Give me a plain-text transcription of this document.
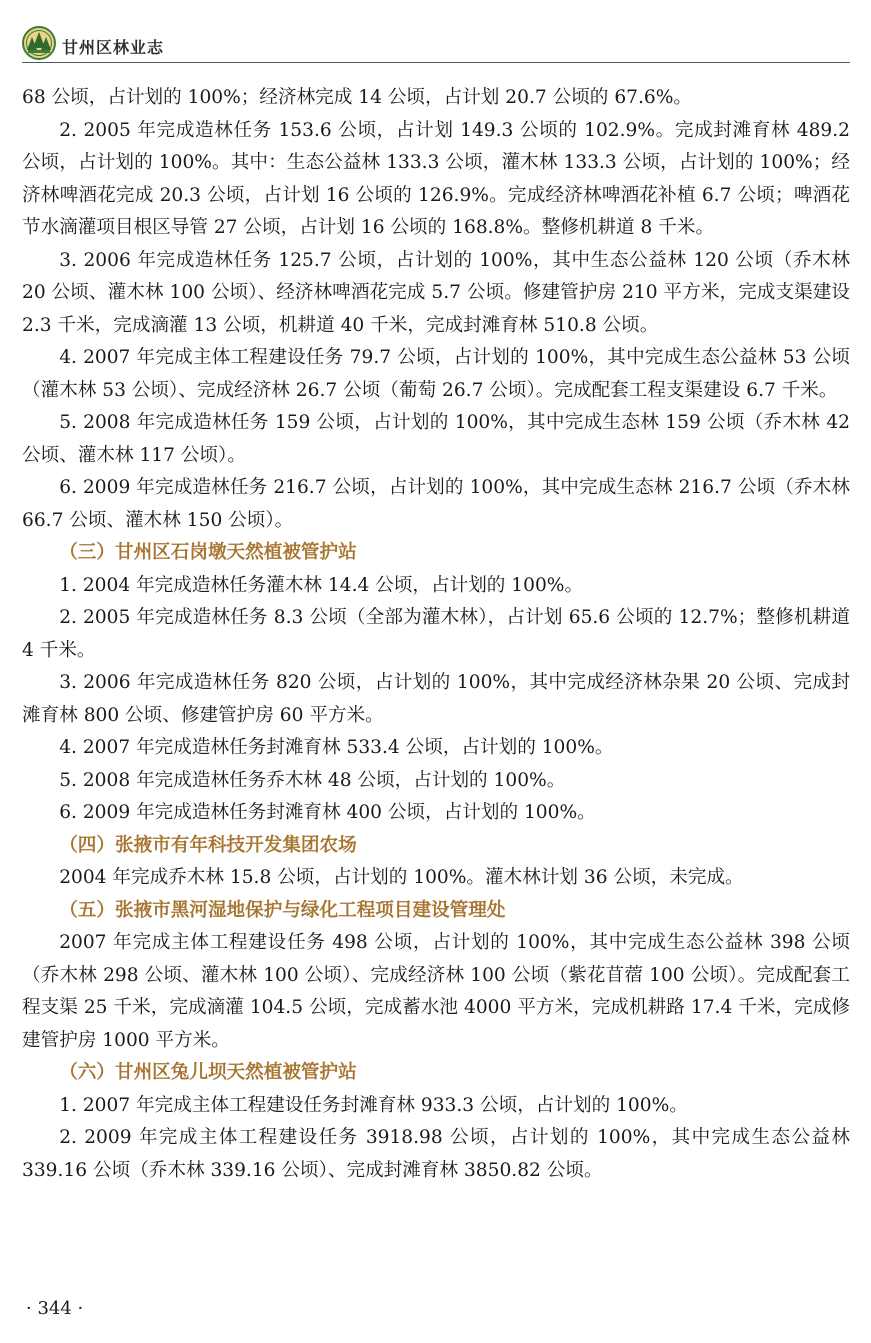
甘州区林业志

68 公顷，占计划的 100%；经济林完成 14 公顷，占计划 20.7 公顷的 67.6%。

2. 2005 年完成造林任务 153.6 公顷，占计划 149.3 公顷的 102.9%。完成封滩育林 489.2 公顷，占计划的 100%。其中：生态公益林 133.3 公顷，灌木林 133.3 公顷，占计划的 100%；经济林啤酒花完成 20.3 公顷，占计划 16 公顷的 126.9%。完成经济林啤酒花补植 6.7 公顷；啤酒花节水滴灌项目根区导管 27 公顷，占计划 16 公顷的 168.8%。整修机耕道 8 千米。

3. 2006 年完成造林任务 125.7 公顷，占计划的 100%，其中生态公益林 120 公顷（乔木林 20 公顷、灌木林 100 公顷）、经济林啤酒花完成 5.7 公顷。修建管护房 210 平方米，完成支渠建设 2.3 千米，完成滴灌 13 公顷，机耕道 40 千米，完成封滩育林 510.8 公顷。

4. 2007 年完成主体工程建设任务 79.7 公顷，占计划的 100%，其中完成生态公益林 53 公顷（灌木林 53 公顷）、完成经济林 26.7 公顷（葡萄 26.7 公顷）。完成配套工程支渠建设 6.7 千米。

5. 2008 年完成造林任务 159 公顷，占计划的 100%，其中完成生态林 159 公顷（乔木林 42 公顷、灌木林 117 公顷）。

6. 2009 年完成造林任务 216.7 公顷，占计划的 100%，其中完成生态林 216.7 公顷（乔木林 66.7 公顷、灌木林 150 公顷）。

（三）甘州区石岗墩天然植被管护站

1. 2004 年完成造林任务灌木林 14.4 公顷，占计划的 100%。

2. 2005 年完成造林任务 8.3 公顷（全部为灌木林），占计划 65.6 公顷的 12.7%；整修机耕道 4 千米。

3. 2006 年完成造林任务 820 公顷，占计划的 100%，其中完成经济林杂果 20 公顷、完成封滩育林 800 公顷、修建管护房 60 平方米。

4. 2007 年完成造林任务封滩育林 533.4 公顷，占计划的 100%。

5. 2008 年完成造林任务乔木林 48 公顷，占计划的 100%。

6. 2009 年完成造林任务封滩育林 400 公顷，占计划的 100%。

（四）张掖市有年科技开发集团农场

2004 年完成乔木林 15.8 公顷，占计划的 100%。灌木林计划 36 公顷，未完成。

（五）张掖市黑河湿地保护与绿化工程项目建设管理处

2007 年完成主体工程建设任务 498 公顷，占计划的 100%，其中完成生态公益林 398 公顷（乔木林 298 公顷、灌木林 100 公顷）、完成经济林 100 公顷（紫花苜蓿 100 公顷）。完成配套工程支渠 25 千米，完成滴灌 104.5 公顷，完成蓄水池 4000 平方米，完成机耕路 17.4 千米，完成修建管护房 1000 平方米。

（六）甘州区兔儿坝天然植被管护站

1. 2007 年完成主体工程建设任务封滩育林 933.3 公顷，占计划的 100%。

2. 2009 年完成主体工程建设任务 3918.98 公顷，占计划的 100%，其中完成生态公益林 339.16 公顷（乔木林 339.16 公顷）、完成封滩育林 3850.82 公顷。

· 344 ·
